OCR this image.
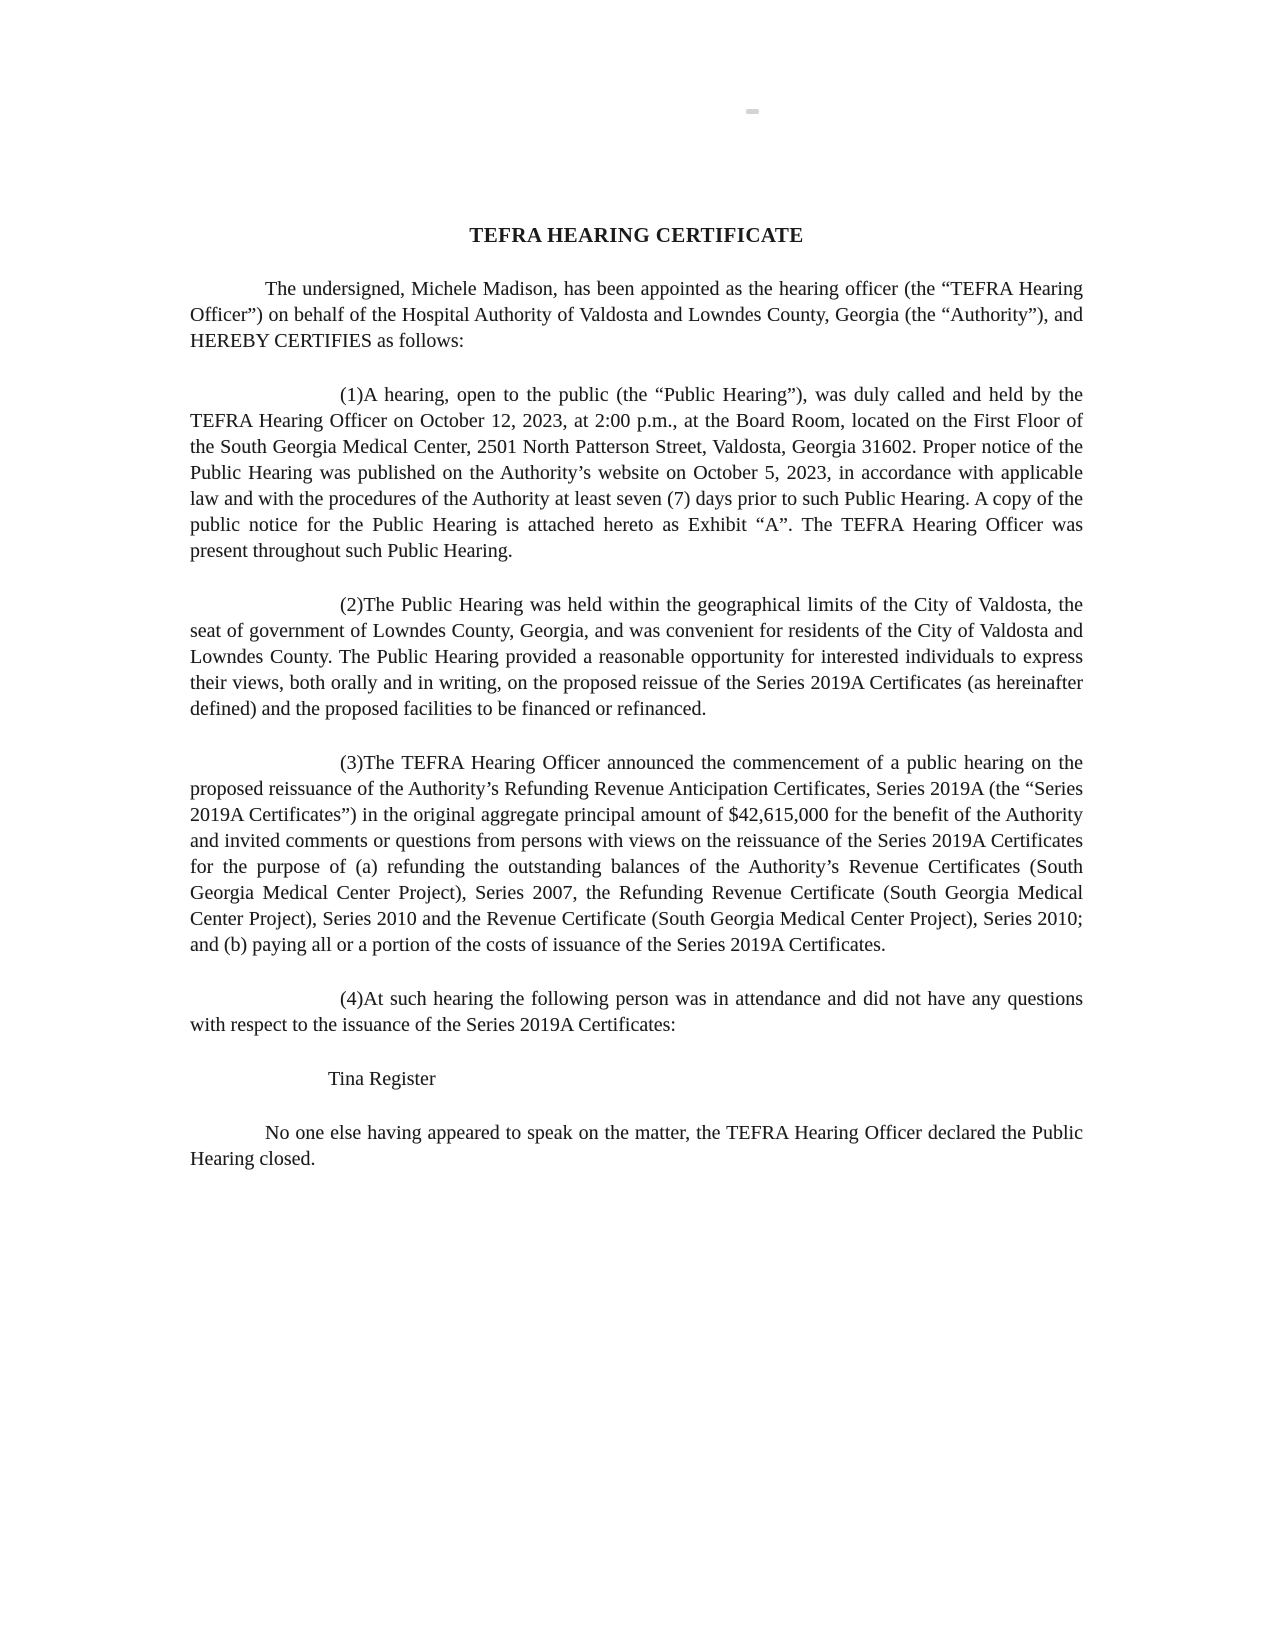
TEFRA HEARING CERTIFICATE

The undersigned, Michele Madison, has been appointed as the hearing officer (the “TEFRA Hearing Officer”) on behalf of the Hospital Authority of Valdosta and Lowndes County, Georgia (the “Authority”), and HEREBY CERTIFIES as follows:

(1)A hearing, open to the public (the “Public Hearing”), was duly called and held by the TEFRA Hearing Officer on October 12, 2023, at 2:00 p.m., at the Board Room, located on the First Floor of the South Georgia Medical Center, 2501 North Patterson Street, Valdosta, Georgia 31602. Proper notice of the Public Hearing was published on the Authority’s website on October 5, 2023, in accordance with applicable law and with the procedures of the Authority at least seven (7) days prior to such Public Hearing. A copy of the public notice for the Public Hearing is attached hereto as Exhibit “A”. The TEFRA Hearing Officer was present throughout such Public Hearing.

(2)The Public Hearing was held within the geographical limits of the City of Valdosta, the seat of government of Lowndes County, Georgia, and was convenient for residents of the City of Valdosta and Lowndes County. The Public Hearing provided a reasonable opportunity for interested individuals to express their views, both orally and in writing, on the proposed reissue of the Series 2019A Certificates (as hereinafter defined) and the proposed facilities to be financed or refinanced.

(3)The TEFRA Hearing Officer announced the commencement of a public hearing on the proposed reissuance of the Authority’s Refunding Revenue Anticipation Certificates, Series 2019A (the “Series 2019A Certificates”) in the original aggregate principal amount of $42,615,000 for the benefit of the Authority and invited comments or questions from persons with views on the reissuance of the Series 2019A Certificates for the purpose of (a) refunding the outstanding balances of the Authority’s Revenue Certificates (South Georgia Medical Center Project), Series 2007, the Refunding Revenue Certificate (South Georgia Medical Center Project), Series 2010 and the Revenue Certificate (South Georgia Medical Center Project), Series 2010; and (b) paying all or a portion of the costs of issuance of the Series 2019A Certificates.

(4)At such hearing the following person was in attendance and did not have any questions with respect to the issuance of the Series 2019A Certificates:

Tina Register

No one else having appeared to speak on the matter, the TEFRA Hearing Officer declared the Public Hearing closed.
